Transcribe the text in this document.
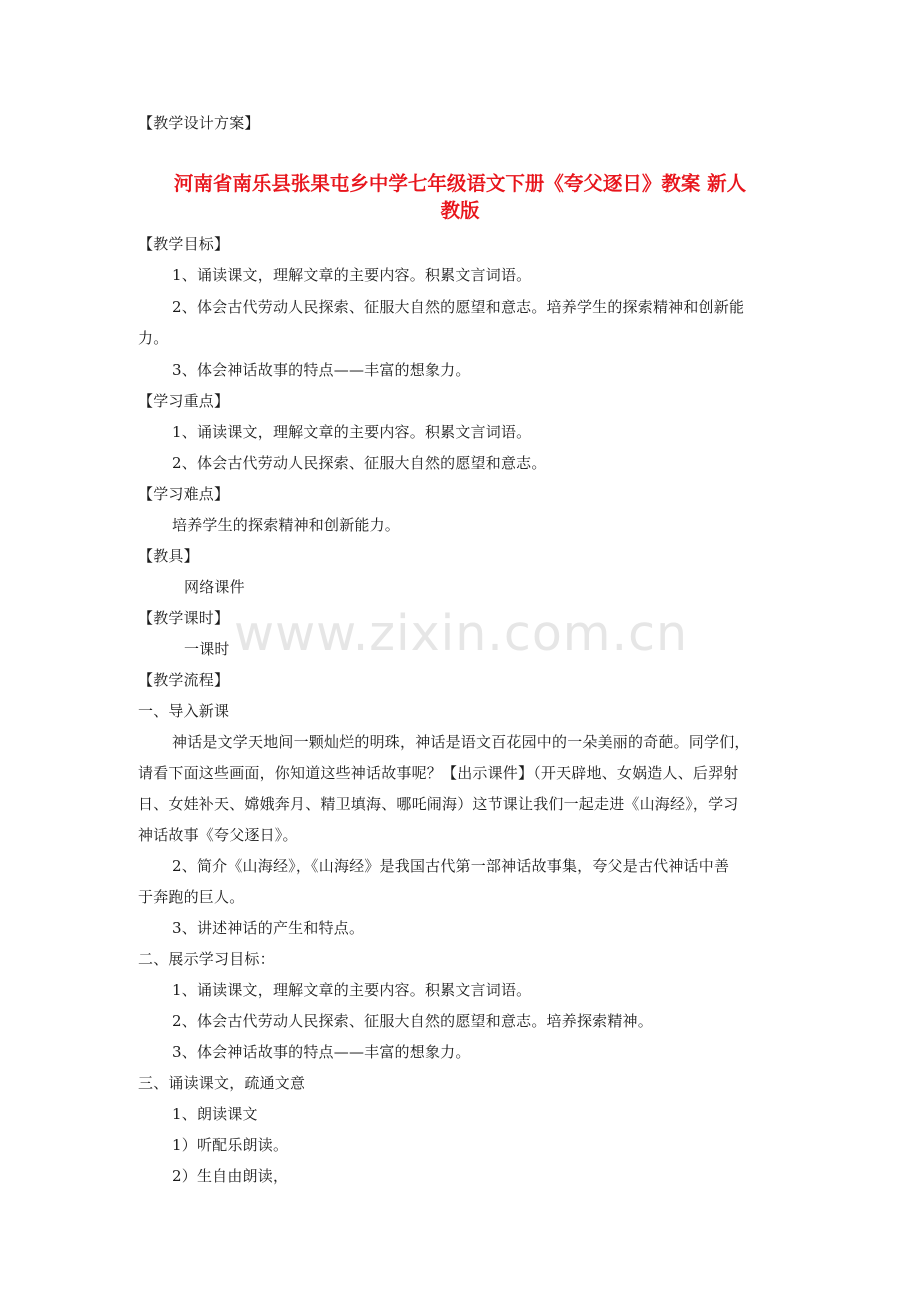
www.zixin.com.cn
【教学设计方案】
河南省南乐县张果屯乡中学七年级语文下册《夸父逐日》教案 新人
教版
【教学目标】
1、诵读课文，理解文章的主要内容。积累文言词语。
2、体会古代劳动人民探索、征服大自然的愿望和意志。培养学生的探索精神和创新能
力。
3、体会神话故事的特点——丰富的想象力。
【学习重点】
1、诵读课文，理解文章的主要内容。积累文言词语。
2、体会古代劳动人民探索、征服大自然的愿望和意志。
【学习难点】
培养学生的探索精神和创新能力。
【教具】
网络课件
【教学课时】
一课时
【教学流程】
一、导入新课
神话是文学天地间一颗灿烂的明珠，神话是语文百花园中的一朵美丽的奇葩。同学们，
请看下面这些画面，你知道这些神话故事呢？【出示课件】（开天辟地、女娲造人、后羿射
日、女娃补天、嫦娥奔月、精卫填海、哪吒闹海）这节课让我们一起走进《山海经》，学习
神话故事《夸父逐日》。
2、简介《山海经》，《山海经》是我国古代第一部神话故事集，夸父是古代神话中善
于奔跑的巨人。
3、讲述神话的产生和特点。
二、展示学习目标：
1、诵读课文，理解文章的主要内容。积累文言词语。
2、体会古代劳动人民探索、征服大自然的愿望和意志。培养探索精神。
3、体会神话故事的特点——丰富的想象力。
三、诵读课文，疏通文意
1、朗读课文
1）听配乐朗读。
2）生自由朗读，
